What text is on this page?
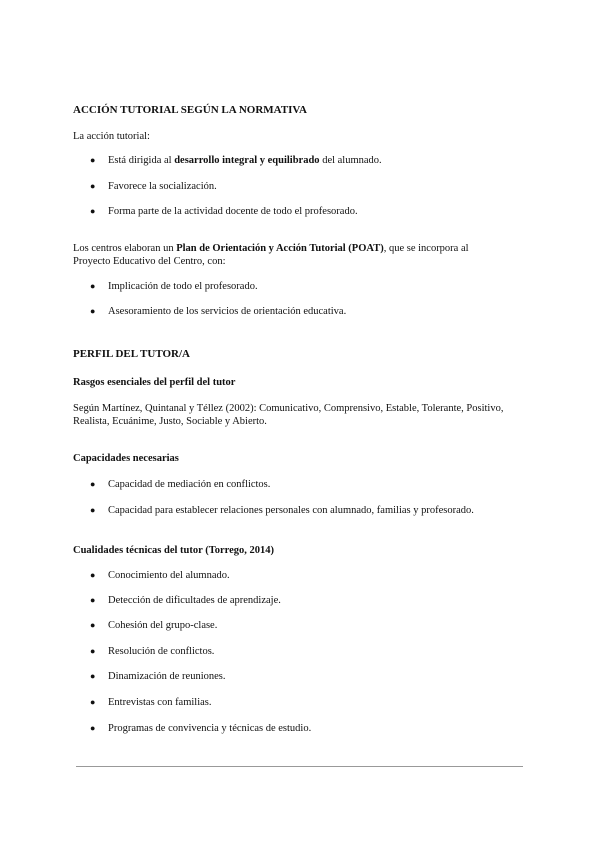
ACCIÓN TUTORIAL SEGÚN LA NORMATIVA
La acción tutorial:
● Está dirigida al desarrollo integral y equilibrado del alumnado.
● Favorece la socialización.
● Forma parte de la actividad docente de todo el profesorado.
Los centros elaboran un Plan de Orientación y Acción Tutorial (POAT), que se incorpora al
Proyecto Educativo del Centro, con:
● Implicación de todo el profesorado.
● Asesoramiento de los servicios de orientación educativa.
PERFIL DEL TUTOR/A
Rasgos esenciales del perfil del tutor
Según Martínez, Quintanal y Téllez (2002): Comunicativo, Comprensivo, Estable, Tolerante, Positivo,
Realista, Ecuánime, Justo, Sociable y Abierto.
Capacidades necesarias
● Capacidad de mediación en conflictos.
● Capacidad para establecer relaciones personales con alumnado, familias y profesorado.
Cualidades técnicas del tutor (Torrego, 2014)
● Conocimiento del alumnado.
● Detección de dificultades de aprendizaje.
● Cohesión del grupo-clase.
● Resolución de conflictos.
● Dinamización de reuniones.
● Entrevistas con familias.
● Programas de convivencia y técnicas de estudio.
